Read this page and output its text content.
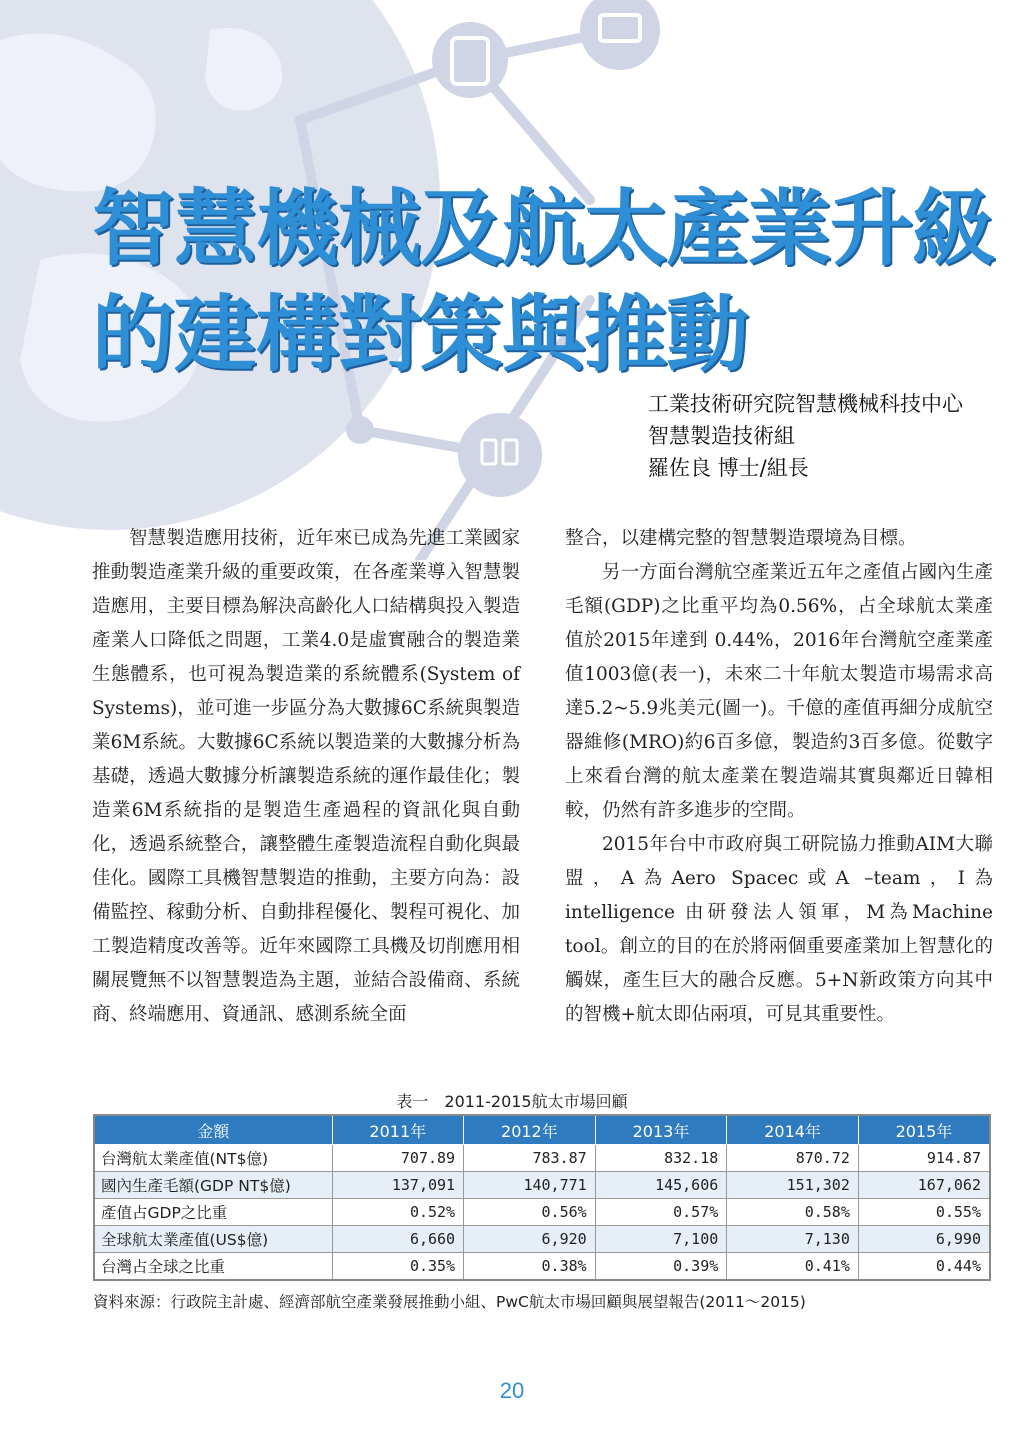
智慧機械及航太產業升級
的建構對策與推動
工業技術研究院智慧機械科技中心
智慧製造技術組
羅佐良 博士/組長

智慧製造應用技術，近年來已成為先進工業國家推動製造產業升級的重要政策，在各產業導入智慧製造應用，主要目標為解決高齡化人口結構與投入製造產業人口降低之問題，工業4.0是虛實融合的製造業生態體系，也可視為製造業的系統體系(System of Systems)，並可進一步區分為大數據6C系統與製造業6M系統。大數據6C系統以製造業的大數據分析為基礎，透過大數據分析讓製造系統的運作最佳化；製造業6M系統指的是製造生產過程的資訊化與自動化，透過系統整合，讓整體生產製造流程自動化與最佳化。國際工具機智慧製造的推動，主要方向為：設備監控、稼動分析、自動排程優化、製程可視化、加工製造精度改善等。近年來國際工具機及切削應用相關展覽無不以智慧製造為主題，並結合設備商、系統商、終端應用、資通訊、感測系統全面

整合，以建構完整的智慧製造環境為目標。

另一方面台灣航空產業近五年之產值占國內生產毛額(GDP)之比重平均為0.56%，占全球航太業產值於2015年達到 0.44%，2016年台灣航空產業產值1003億(表一)，未來二十年航太製造市場需求高達5.2~5.9兆美元(圖一)。千億的產值再細分成航空器維修(MRO)約6百多億，製造約3百多億。從數字上來看台灣的航太產業在製造端其實與鄰近日韓相較，仍然有許多進步的空間。

2015年台中市政府與工研院協力推動AIM大聯盟，A為Aero Spacec或A –team，I為intelligence 由研發法人領軍，M為Machine tool。創立的目的在於將兩個重要產業加上智慧化的觸媒，產生巨大的融合反應。5+N新政策方向其中的智機+航太即佔兩項，可見其重要性。

表一　2011-2015航太市場回顧
金額	2011年	2012年	2013年	2014年	2015年
台灣航太業產值(NT$億)	707.89	783.87	832.18	870.72	914.87
國內生產毛額(GDP NT$億)	137,091	140,771	145,606	151,302	167,062
產值占GDP之比重	0.52%	0.56%	0.57%	0.58%	0.55%
全球航太業產值(US$億)	6,660	6,920	7,100	7,130	6,990
台灣占全球之比重	0.35%	0.38%	0.39%	0.41%	0.44%
資料來源：行政院主計處、經濟部航空產業發展推動小組、PwC航太市場回顧與展望報告(2011～2015)
20
